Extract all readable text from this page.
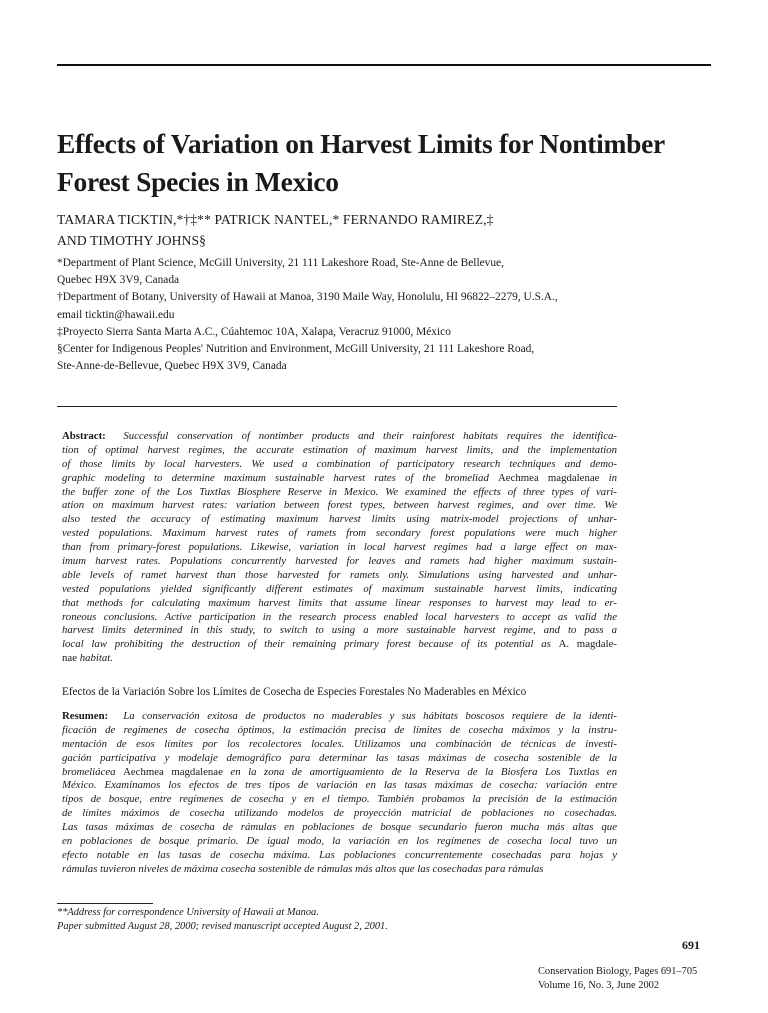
Effects of Variation on Harvest Limits for Nontimber
Forest Species in Mexico
TAMARA TICKTIN,*†‡** PATRICK NANTEL,* FERNANDO RAMIREZ,‡
AND TIMOTHY JOHNS§
*Department of Plant Science, McGill University, 21 111 Lakeshore Road, Ste-Anne de Bellevue,
Quebec H9X 3V9, Canada
†Department of Botany, University of Hawaii at Manoa, 3190 Maile Way, Honolulu, HI 96822–2279, U.S.A.,
email ticktin@hawaii.edu
‡Proyecto Sierra Santa Marta A.C., Cúahtemoc 10A, Xalapa, Veracruz 91000, México
§Center for Indigenous Peoples' Nutrition and Environment, McGill University, 21 111 Lakeshore Road,
Ste-Anne-de-Bellevue, Quebec H9X 3V9, Canada
Abstract: Successful conservation of nontimber products and their rainforest habitats requires the identifica-
tion of optimal harvest regimes, the accurate estimation of maximum harvest limits, and the implementation
of those limits by local harvesters. We used a combination of participatory research techniques and demo-
graphic modeling to determine maximum sustainable harvest rates of the bromeliad Aechmea magdalenae in
the buffer zone of the Los Tuxtlas Biosphere Reserve in Mexico. We examined the effects of three types of vari-
ation on maximum harvest rates: variation between forest types, between harvest regimes, and over time. We
also tested the accuracy of estimating maximum harvest limits using matrix-model projections of unhar-
vested populations. Maximum harvest rates of ramets from secondary forest populations were much higher
than from primary-forest populations. Likewise, variation in local harvest regimes had a large effect on max-
imum harvest rates. Populations concurrently harvested for leaves and ramets had higher maximum sustain-
able levels of ramet harvest than those harvested for ramets only. Simulations using harvested and unhar-
vested populations yielded significantly different estimates of maximum sustainable harvest limits, indicating
that methods for calculating maximum harvest limits that assume linear responses to harvest may lead to er-
roneous conclusions. Active participation in the research process enabled local harvesters to accept as valid the
harvest limits determined in this study, to switch to using a more sustainable harvest regime, and to pass a
local law prohibiting the destruction of their remaining primary forest because of its potential as A. magdale-
nae habitat.
Efectos de la Variación Sobre los Límites de Cosecha de Especies Forestales No Maderables en México
Resumen: La conservación exitosa de productos no maderables y sus hábitats boscosos requiere de la identi-
ficación de regímenes de cosecha óptimos, la estimación precisa de límites de cosecha máximos y la instru-
mentación de esos límites por los recolectores locales. Utilizamos una combinación de técnicas de investi-
gación participativa y modelaje demográfico para determinar las tasas máximas de cosecha sostenible de la
bromeliácea Aechmea magdalenae en la zona de amortiguamiento de la Reserva de la Biosfera Los Tuxtlas en
México. Examinamos los efectos de tres tipos de variación en las tasas máximas de cosecha: variación entre
tipos de bosque, entre regímenes de cosecha y en el tiempo. También probamos la precisión de la estimación
de límites máximos de cosecha utilizando modelos de proyección matricial de poblaciones no cosechadas.
Las tasas máximas de cosecha de rámulas en poblaciones de bosque secundario fueron mucha más altas que
en poblaciones de bosque primario. De igual modo, la variación en los regímenes de cosecha local tuvo un
efecto notable en las tasas de cosecha máxima. Las poblaciones concurrentemente cosechadas para hojas y
rámulas tuvieron niveles de máxima cosecha sostenible de rámulas más altos que las cosechadas para rámulas
**Address for correspondence University of Hawaii at Manoa.
Paper submitted August 28, 2000; revised manuscript accepted August 2, 2001.
691
Conservation Biology, Pages 691–705
Volume 16, No. 3, June 2002
